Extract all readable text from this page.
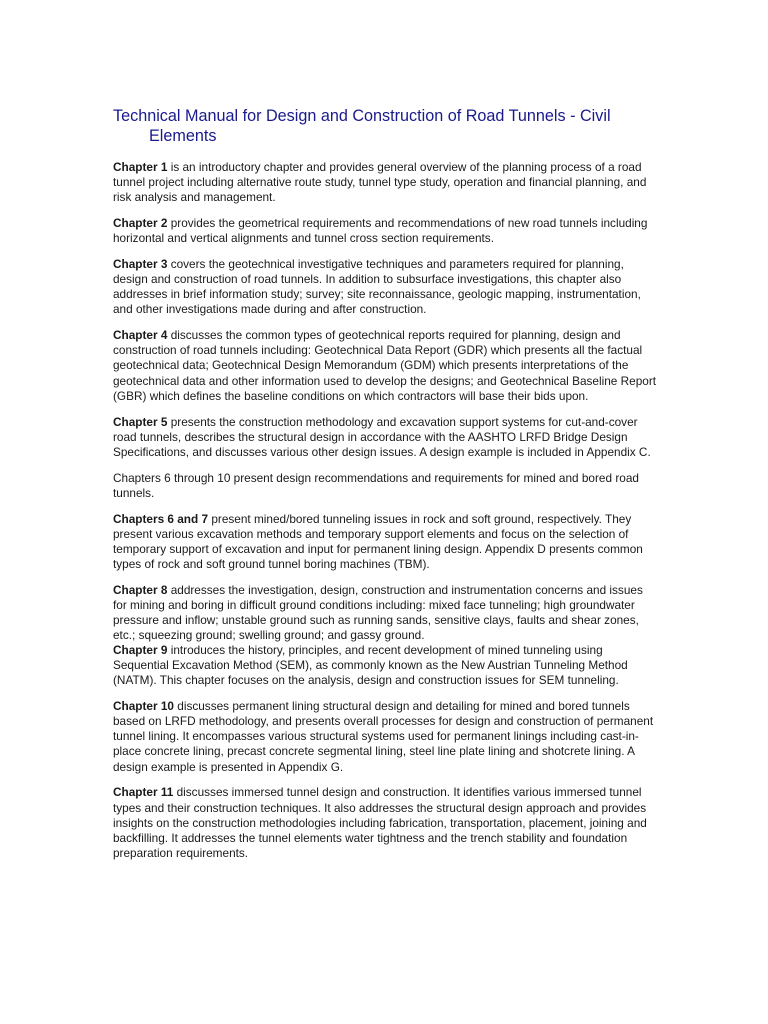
Technical Manual for Design and Construction of Road Tunnels - Civil Elements

Chapter 1 is an introductory chapter and provides general overview of the planning process of a road tunnel project including alternative route study, tunnel type study, operation and financial planning, and risk analysis and management.

Chapter 2 provides the geometrical requirements and recommendations of new road tunnels including horizontal and vertical alignments and tunnel cross section requirements.

Chapter 3 covers the geotechnical investigative techniques and parameters required for planning, design and construction of road tunnels. In addition to subsurface investigations, this chapter also addresses in brief information study; survey; site reconnaissance, geologic mapping, instrumentation, and other investigations made during and after construction.

Chapter 4 discusses the common types of geotechnical reports required for planning, design and construction of road tunnels including: Geotechnical Data Report (GDR) which presents all the factual geotechnical data; Geotechnical Design Memorandum (GDM) which presents interpretations of the geotechnical data and other information used to develop the designs; and Geotechnical Baseline Report (GBR) which defines the baseline conditions on which contractors will base their bids upon.

Chapter 5 presents the construction methodology and excavation support systems for cut-and-cover road tunnels, describes the structural design in accordance with the AASHTO LRFD Bridge Design Specifications, and discusses various other design issues. A design example is included in Appendix C.

Chapters 6 through 10 present design recommendations and requirements for mined and bored road tunnels.

Chapters 6 and 7 present mined/bored tunneling issues in rock and soft ground, respectively. They present various excavation methods and temporary support elements and focus on the selection of temporary support of excavation and input for permanent lining design. Appendix D presents common types of rock and soft ground tunnel boring machines (TBM).

Chapter 8 addresses the investigation, design, construction and instrumentation concerns and issues for mining and boring in difficult ground conditions including: mixed face tunneling; high groundwater pressure and inflow; unstable ground such as running sands, sensitive clays, faults and shear zones, etc.; squeezing ground; swelling ground; and gassy ground.

Chapter 9 introduces the history, principles, and recent development of mined tunneling using Sequential Excavation Method (SEM), as commonly known as the New Austrian Tunneling Method (NATM). This chapter focuses on the analysis, design and construction issues for SEM tunneling.

Chapter 10 discusses permanent lining structural design and detailing for mined and bored tunnels based on LRFD methodology, and presents overall processes for design and construction of permanent tunnel lining. It encompasses various structural systems used for permanent linings including cast-in-place concrete lining, precast concrete segmental lining, steel line plate lining and shotcrete lining. A design example is presented in Appendix G.

Chapter 11 discusses immersed tunnel design and construction. It identifies various immersed tunnel types and their construction techniques. It also addresses the structural design approach and provides insights on the construction methodologies including fabrication, transportation, placement, joining and backfilling. It addresses the tunnel elements water tightness and the trench stability and foundation preparation requirements.
